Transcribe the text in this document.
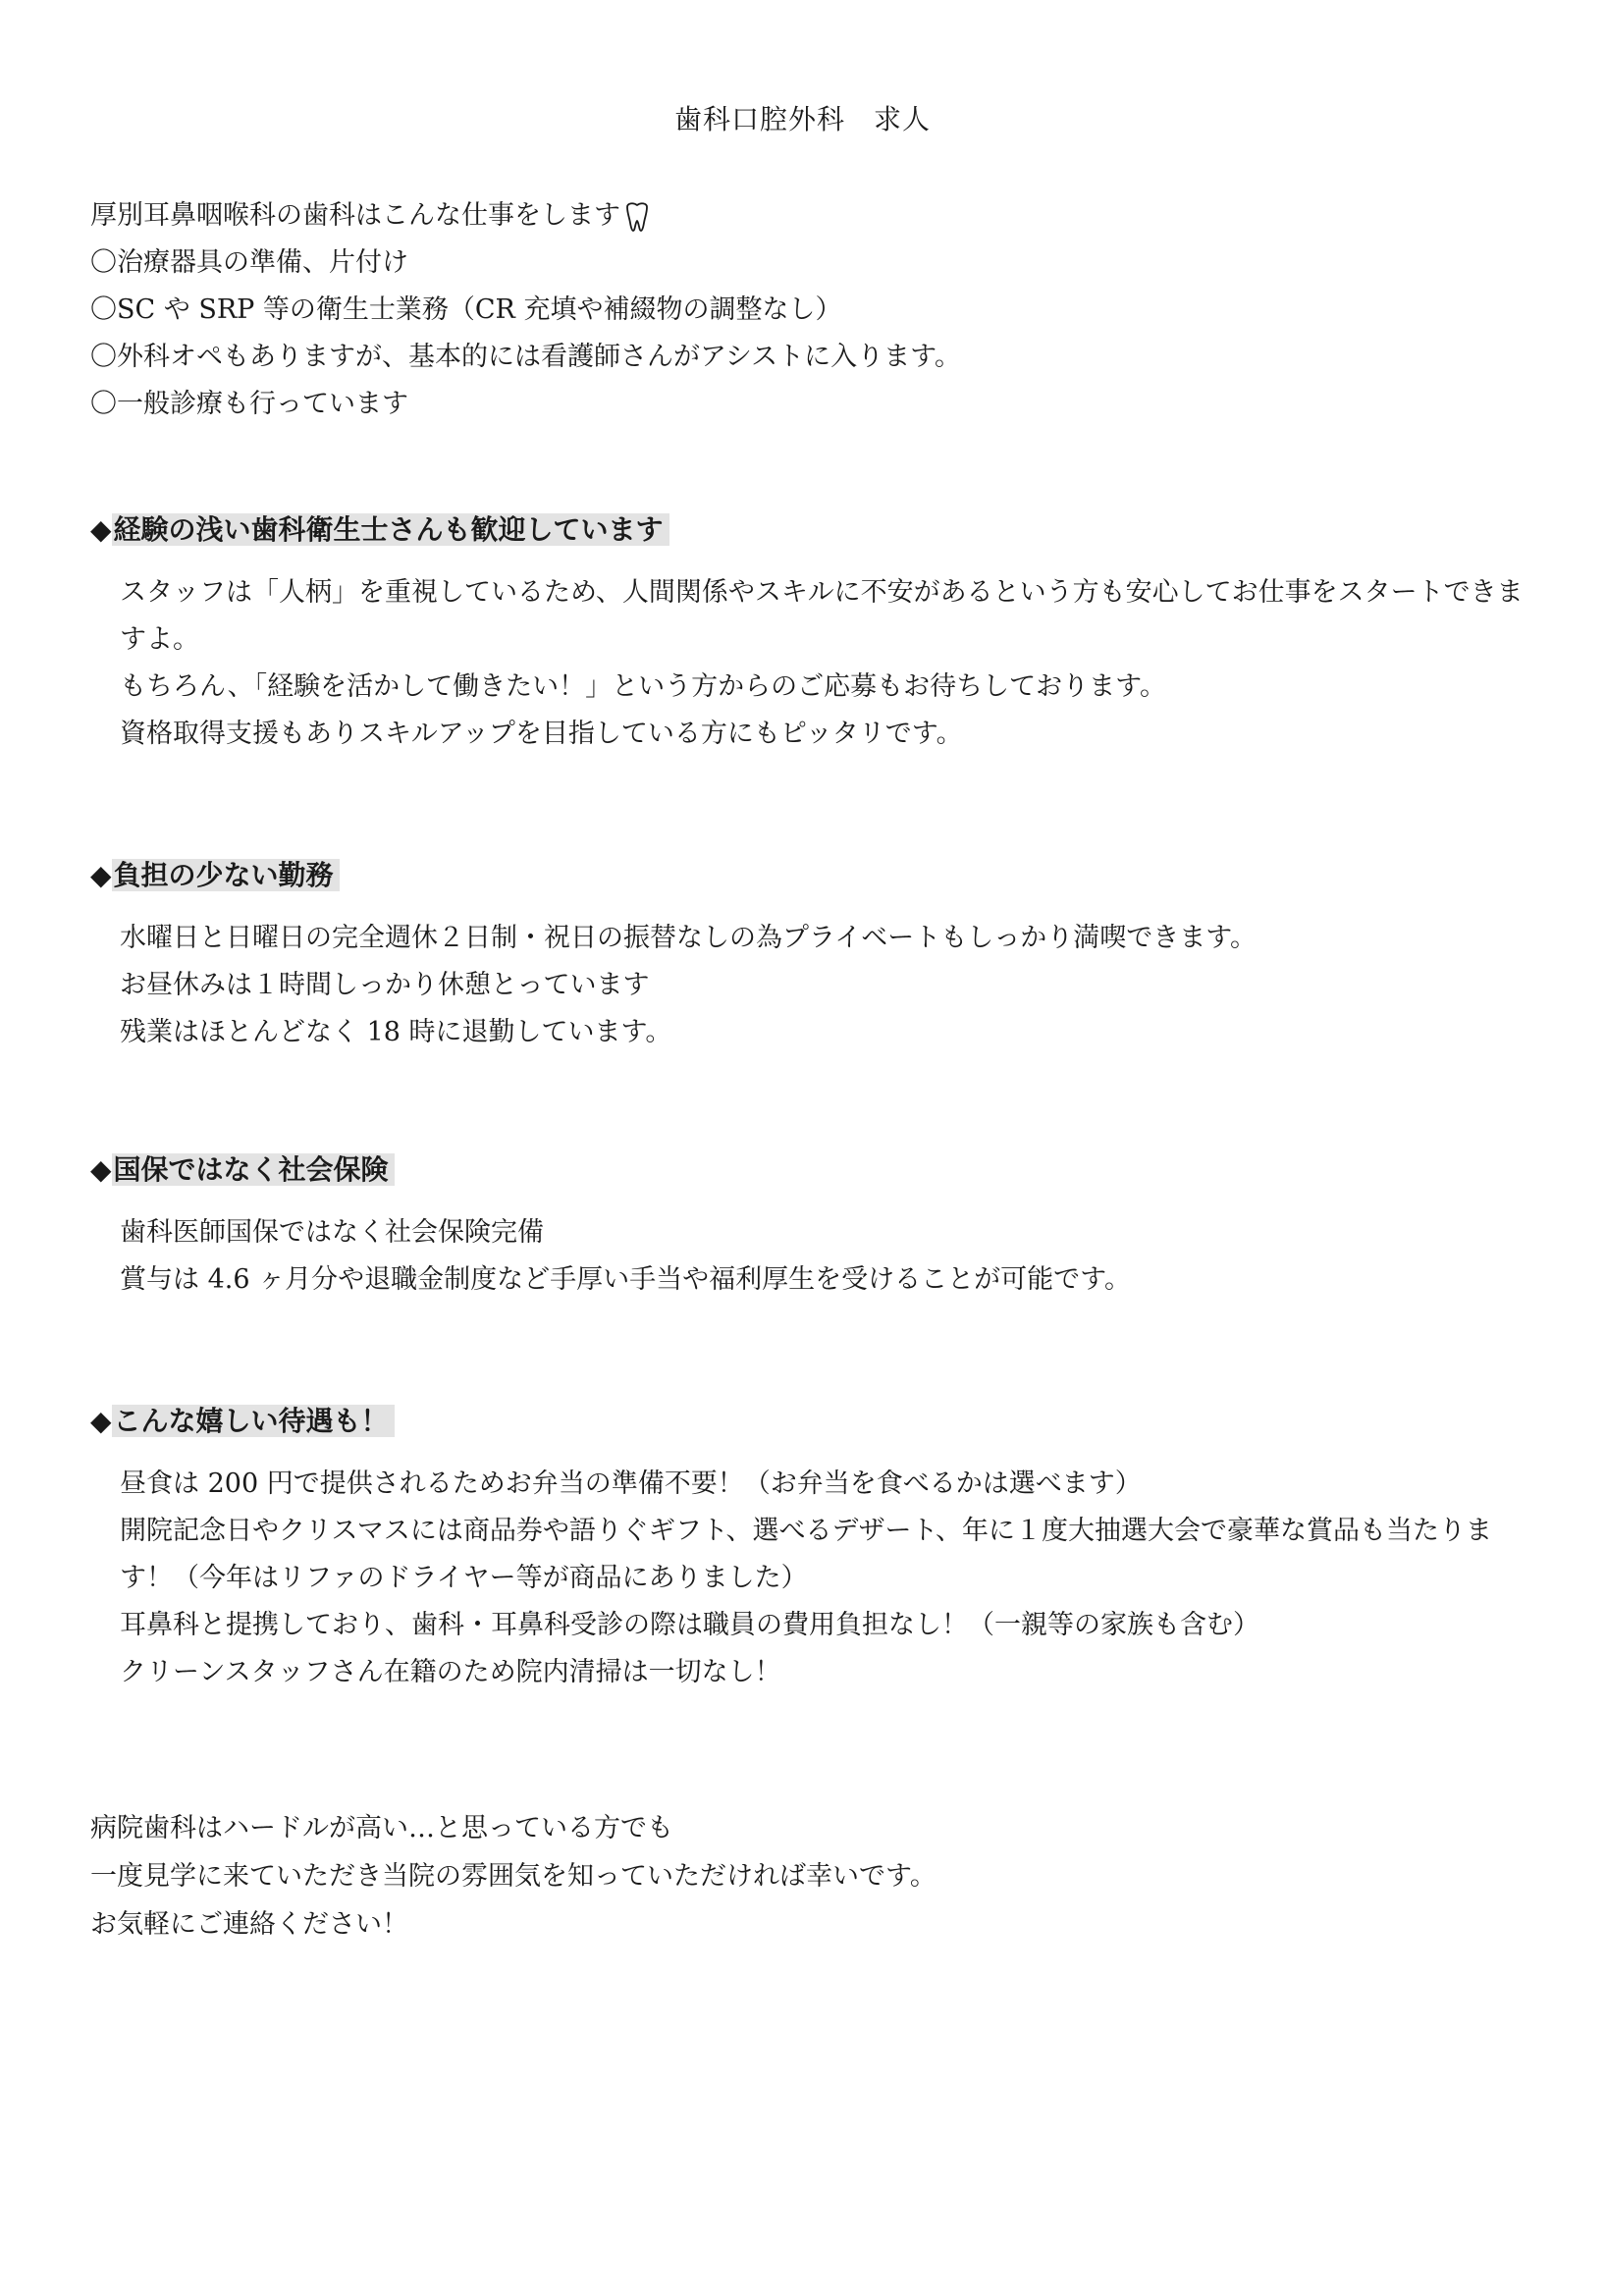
歯科口腔外科　求人
厚別耳鼻咽喉科の歯科はこんな仕事をします
〇治療器具の準備、片付け
〇SC や SRP 等の衛生士業務（CR 充填や補綴物の調整なし）
〇外科オペもありますが、基本的には看護師さんがアシストに入ります。
〇一般診療も行っています
◆経験の浅い歯科衛生士さんも歓迎しています
スタッフは「人柄」を重視しているため、人間関係やスキルに不安があるという方も安心してお仕事をスタートできますよ。
もちろん、「経験を活かして働きたい！」という方からのご応募もお待ちしております。
資格取得支援もありスキルアップを目指している方にもピッタリです。
◆負担の少ない勤務
水曜日と日曜日の完全週休２日制・祝日の振替なしの為プライベートもしっかり満喫できます。
お昼休みは１時間しっかり休憩とっています
残業はほとんどなく 18 時に退勤しています。
◆国保ではなく社会保険
歯科医師国保ではなく社会保険完備
賞与は 4.6 ヶ月分や退職金制度など手厚い手当や福利厚生を受けることが可能です。
◆こんな嬉しい待遇も！
昼食は 200 円で提供されるためお弁当の準備不要！（お弁当を食べるかは選べます）
開院記念日やクリスマスには商品券や語りぐギフト、選べるデザート、年に１度大抽選大会で豪華な賞品も当たります！（今年はリファのドライヤー等が商品にありました）
耳鼻科と提携しており、歯科・耳鼻科受診の際は職員の費用負担なし！（一親等の家族も含む）
クリーンスタッフさん在籍のため院内清掃は一切なし！
病院歯科はハードルが高い…と思っている方でも
一度見学に来ていただき当院の雰囲気を知っていただければ幸いです。
お気軽にご連絡ください！
